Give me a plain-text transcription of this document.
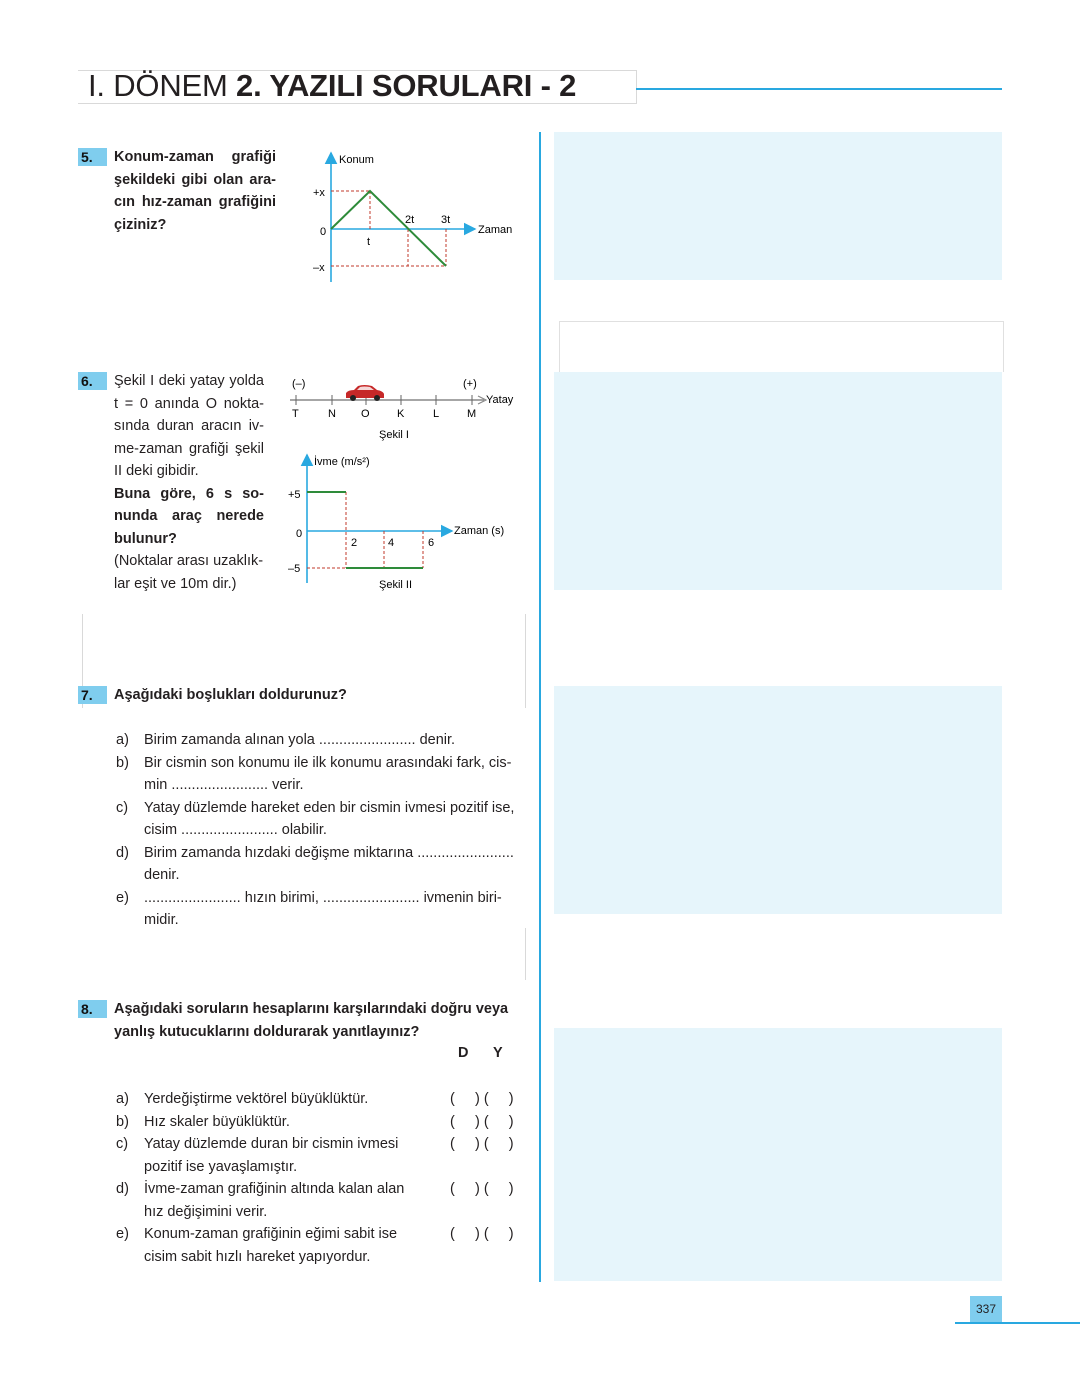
I. DÖNEM 2. YAZILI SORULARI - 2
5.	Konum-zaman grafiği
şekildeki gibi olan ara-
cın hız-zaman grafiğini
çiziniz?
Konum
Zaman
+x
0
–x
t
2t 3t
6.	Şekil I deki yatay yolda
t = 0 anında O nokta-
sında duran aracın iv-
me-zaman grafiği şekil
II deki gibidir.
Buna göre, 6 s so-
nunda araç nerede
bulunur?
(Noktalar arası uzaklık-
lar eşit ve 10m dir.)
(–)	(+)
Yatay
T	N O K	L	M
Şekil I
İvme (m/s²)
Zaman (s)
+5
0
–5
2	4	6
Şekil II
7.	Aşağıdaki boşlukları doldurunuz?
a) Birim zamanda alınan yola ........................ denir.
b) Bir cismin son konumu ile ilk konumu arasındaki fark, cis-
min ........................ verir.
c) Yatay düzlemde hareket eden bir cismin ivmesi pozitif ise,
cisim ........................ olabilir.
d) Birim zamanda hızdaki değişme miktarına ........................
denir.
e) ........................ hızın birimi, ........................ ivmenin biri-
midir.
8.	Aşağıdaki soruların hesaplarını karşılarındaki doğru veya
yanlış kutucuklarını doldurarak yanıtlayınız?
D Y
a) Yerdeğiştirme vektörel büyüklüktür.	(     ) (     )
b) Hız skaler büyüklüktür.	(     ) (     )
c) Yatay düzlemde duran bir cismin ivmesi
pozitif ise yavaşlamıştır.
(     ) (     )
d) İvme-zaman grafiğinin altında kalan alan
hız değişimini verir.
(     ) (     )
e) Konum-zaman grafiğinin eğimi sabit ise
cisim sabit hızlı hareket yapıyordur.
(     ) (     )
337
